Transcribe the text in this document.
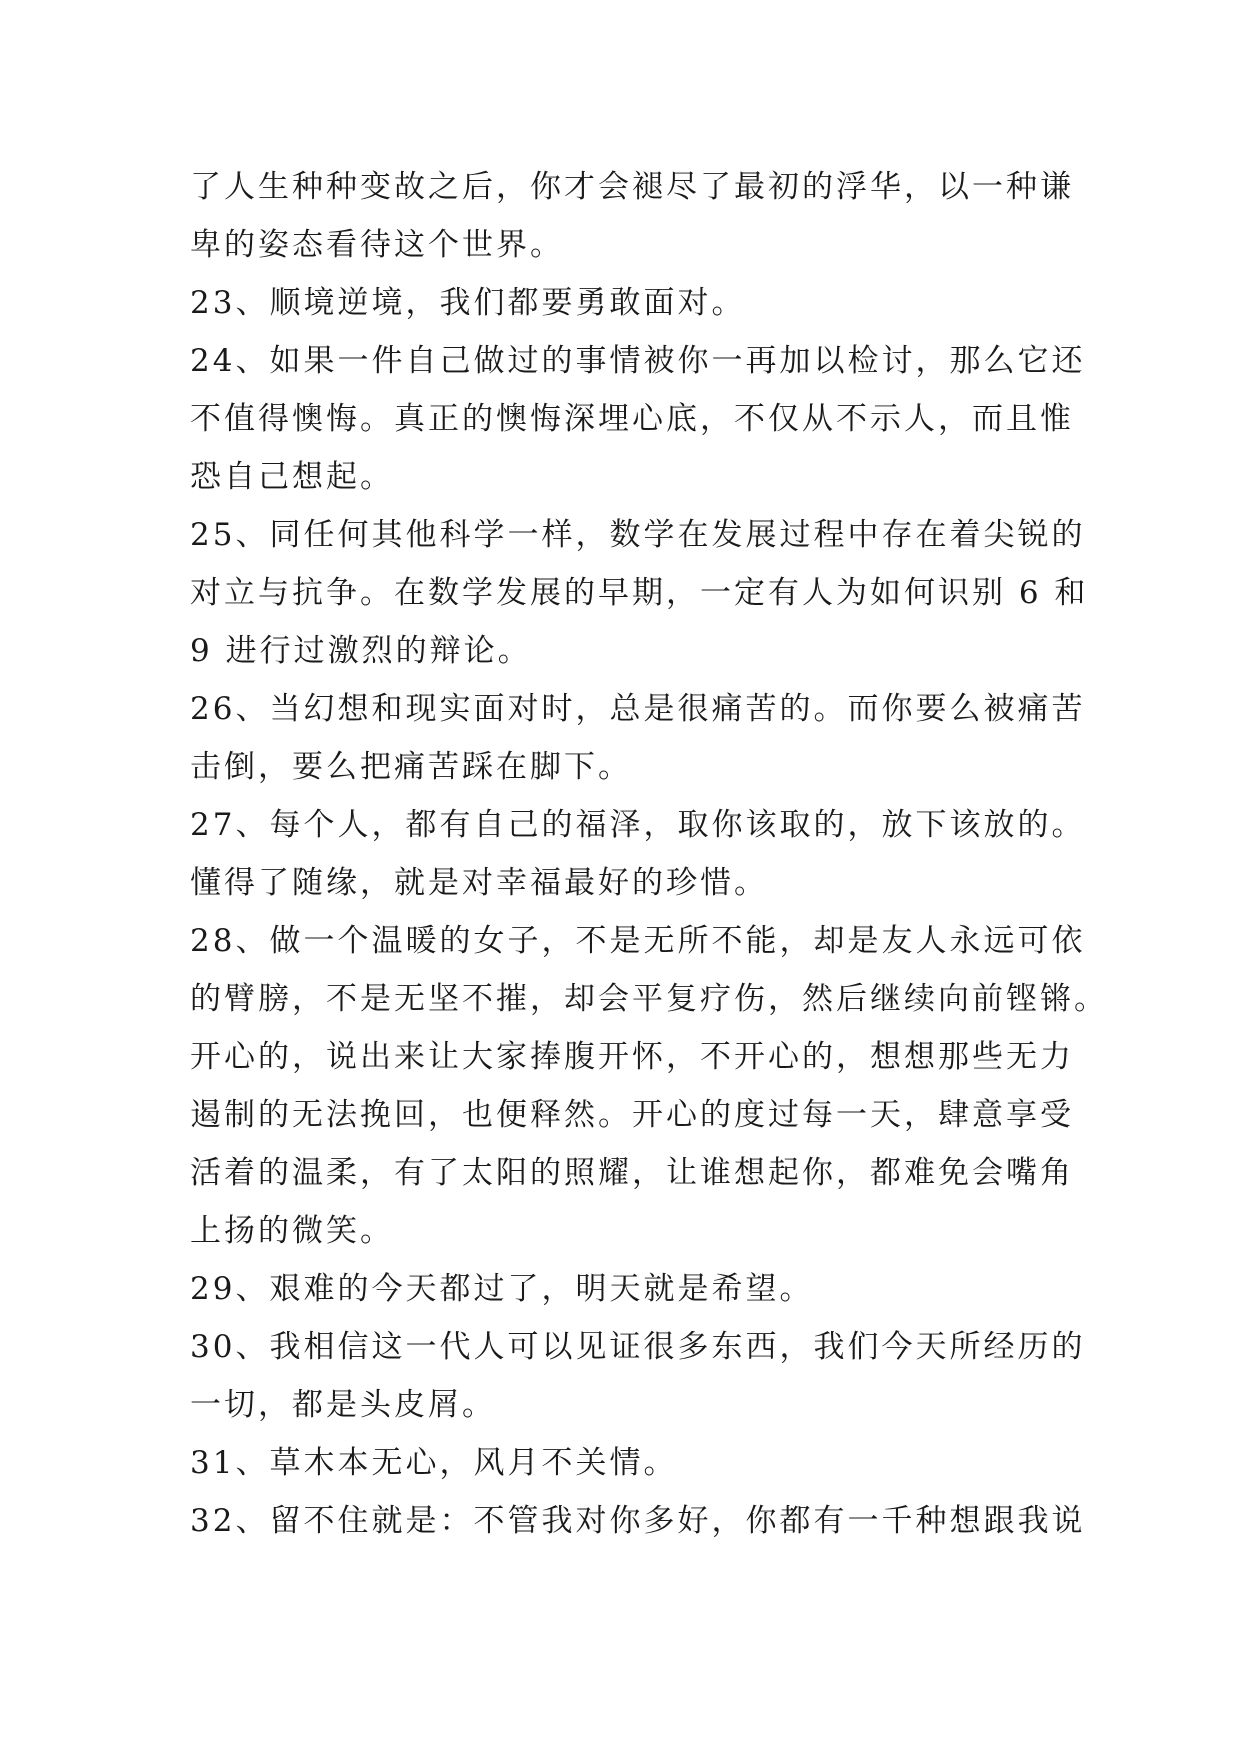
了人生种种变故之后，你才会褪尽了最初的浮华，以一种谦
卑的姿态看待这个世界。
23、顺境逆境，我们都要勇敢面对。
24、如果一件自己做过的事情被你一再加以检讨，那么它还
不值得懊悔。真正的懊悔深埋心底，不仅从不示人，而且惟
恐自己想起。
25、同任何其他科学一样，数学在发展过程中存在着尖锐的
对立与抗争。在数学发展的早期，一定有人为如何识别 6 和
9 进行过激烈的辩论。
26、当幻想和现实面对时，总是很痛苦的。而你要么被痛苦
击倒，要么把痛苦踩在脚下。
27、每个人，都有自己的福泽，取你该取的，放下该放的。
懂得了随缘，就是对幸福最好的珍惜。
28、做一个温暖的女子，不是无所不能，却是友人永远可依
的臂膀，不是无坚不摧，却会平复疗伤，然后继续向前铿锵。
开心的，说出来让大家捧腹开怀，不开心的，想想那些无力
遏制的无法挽回，也便释然。开心的度过每一天，肆意享受
活着的温柔，有了太阳的照耀，让谁想起你，都难免会嘴角
上扬的微笑。
29、艰难的今天都过了，明天就是希望。
30、我相信这一代人可以见证很多东西，我们今天所经历的
一切，都是头皮屑。
31、草木本无心，风月不关情。
32、留不住就是：不管我对你多好，你都有一千种想跟我说
